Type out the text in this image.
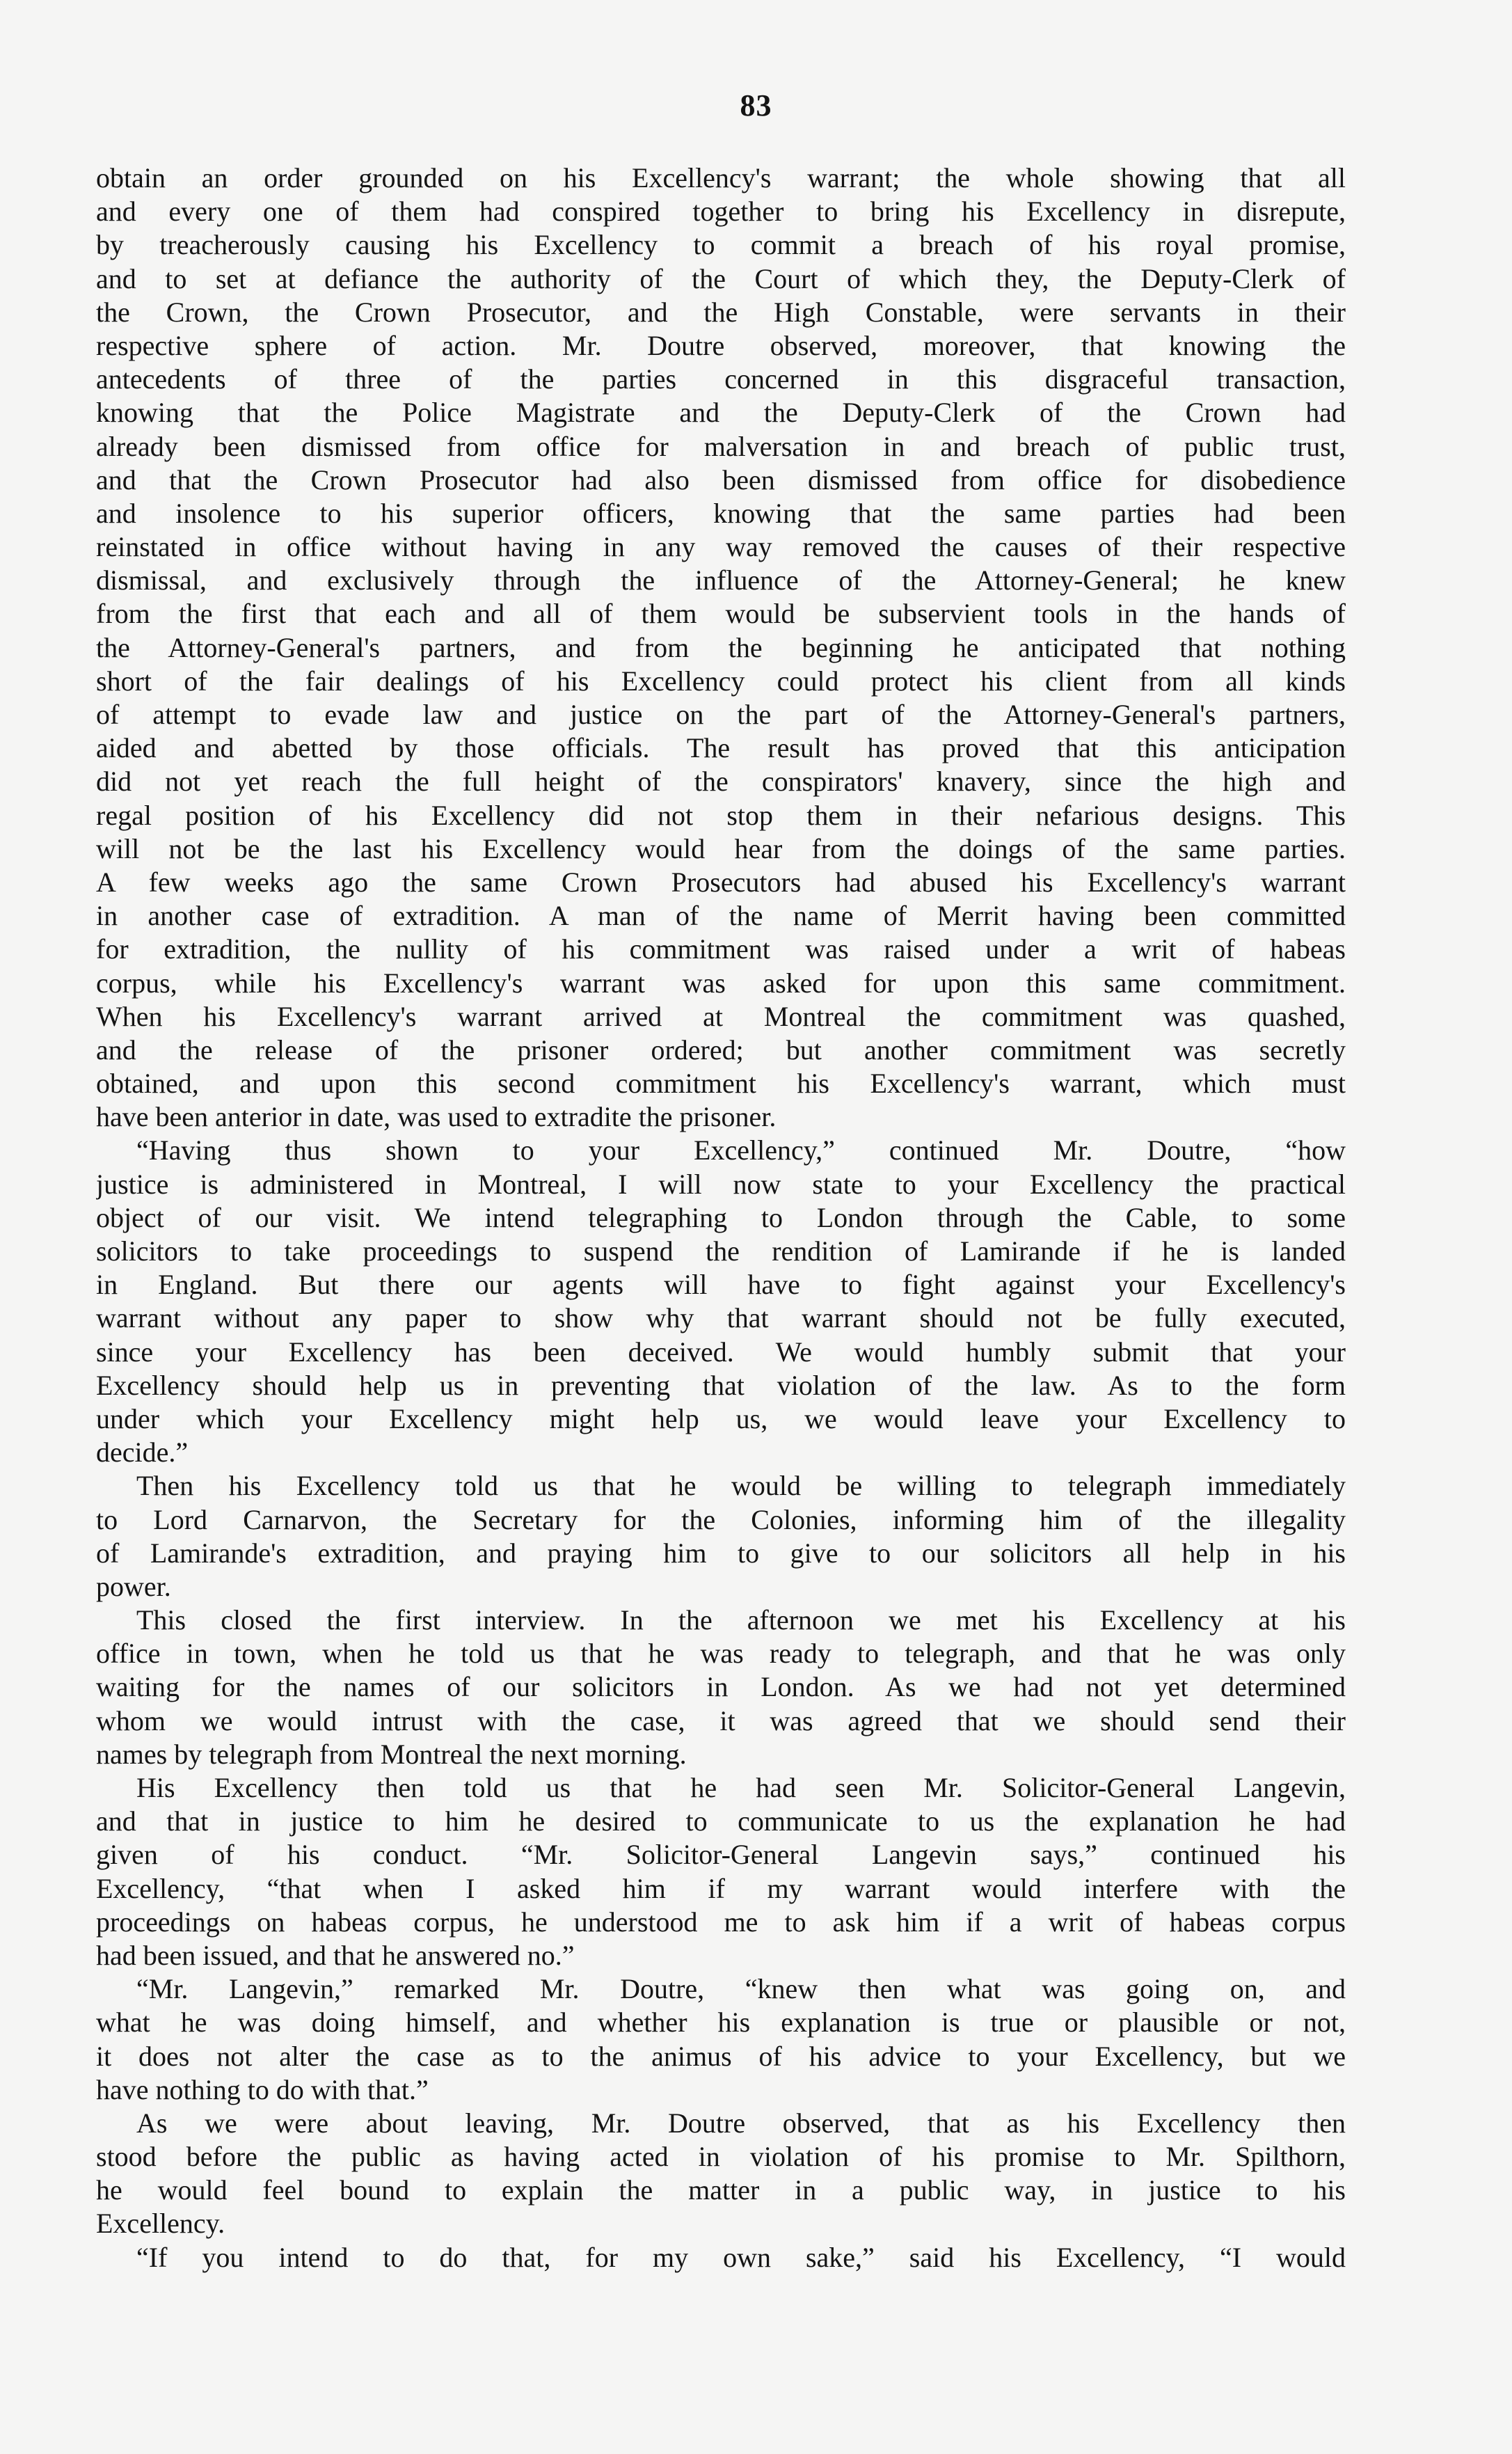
83
obtain an order grounded on his Excellency's warrant; the whole showing that all
and every one of them had conspired together to bring his Excellency in disrepute,
by treacherously causing his Excellency to commit a breach of his royal promise,
and to set at defiance the authority of the Court of which they, the Deputy-Clerk of
the Crown, the Crown Prosecutor, and the High Constable, were servants in their
respective sphere of action. Mr. Doutre observed, moreover, that knowing the
antecedents of three of the parties concerned in this disgraceful transaction,
knowing that the Police Magistrate and the Deputy-Clerk of the Crown had
already been dismissed from office for malversation in and breach of public trust,
and that the Crown Prosecutor had also been dismissed from office for disobedience
and insolence to his superior officers, knowing that the same parties had been
reinstated in office without having in any way removed the causes of their respective
dismissal, and exclusively through the influence of the Attorney-General; he knew
from the first that each and all of them would be subservient tools in the hands of
the Attorney-General's partners, and from the beginning he anticipated that nothing
short of the fair dealings of his Excellency could protect his client from all kinds
of attempt to evade law and justice on the part of the Attorney-General's partners,
aided and abetted by those officials. The result has proved that this anticipation
did not yet reach the full height of the conspirators' knavery, since the high and
regal position of his Excellency did not stop them in their nefarious designs. This
will not be the last his Excellency would hear from the doings of the same parties.
A few weeks ago the same Crown Prosecutors had abused his Excellency's warrant
in another case of extradition. A man of the name of Merrit having been committed
for extradition, the nullity of his commitment was raised under a writ of habeas
corpus, while his Excellency's warrant was asked for upon this same commitment.
When his Excellency's warrant arrived at Montreal the commitment was quashed,
and the release of the prisoner ordered; but another commitment was secretly
obtained, and upon this second commitment his Excellency's warrant, which must
have been anterior in date, was used to extradite the prisoner.
“Having thus shown to your Excellency,” continued Mr. Doutre, “how
justice is administered in Montreal, I will now state to your Excellency the practical
object of our visit. We intend telegraphing to London through the Cable, to some
solicitors to take proceedings to suspend the rendition of Lamirande if he is landed
in England. But there our agents will have to fight against your Excellency's
warrant without any paper to show why that warrant should not be fully executed,
since your Excellency has been deceived. We would humbly submit that your
Excellency should help us in preventing that violation of the law. As to the form
under which your Excellency might help us, we would leave your Excellency to
decide.”
Then his Excellency told us that he would be willing to telegraph immediately
to Lord Carnarvon, the Secretary for the Colonies, informing him of the illegality
of Lamirande's extradition, and praying him to give to our solicitors all help in his
power.
This closed the first interview. In the afternoon we met his Excellency at his
office in town, when he told us that he was ready to telegraph, and that he was only
waiting for the names of our solicitors in London. As we had not yet determined
whom we would intrust with the case, it was agreed that we should send their
names by telegraph from Montreal the next morning.
His Excellency then told us that he had seen Mr. Solicitor-General Langevin,
and that in justice to him he desired to communicate to us the explanation he had
given of his conduct. “Mr. Solicitor-General Langevin says,” continued his
Excellency, “that when I asked him if my warrant would interfere with the
proceedings on habeas corpus, he understood me to ask him if a writ of habeas corpus
had been issued, and that he answered no.”
“Mr. Langevin,” remarked Mr. Doutre, “knew then what was going on, and
what he was doing himself, and whether his explanation is true or plausible or not,
it does not alter the case as to the animus of his advice to your Excellency, but we
have nothing to do with that.”
As we were about leaving, Mr. Doutre observed, that as his Excellency then
stood before the public as having acted in violation of his promise to Mr. Spilthorn,
he would feel bound to explain the matter in a public way, in justice to his
Excellency.
“If you intend to do that, for my own sake,” said his Excellency, “I would
